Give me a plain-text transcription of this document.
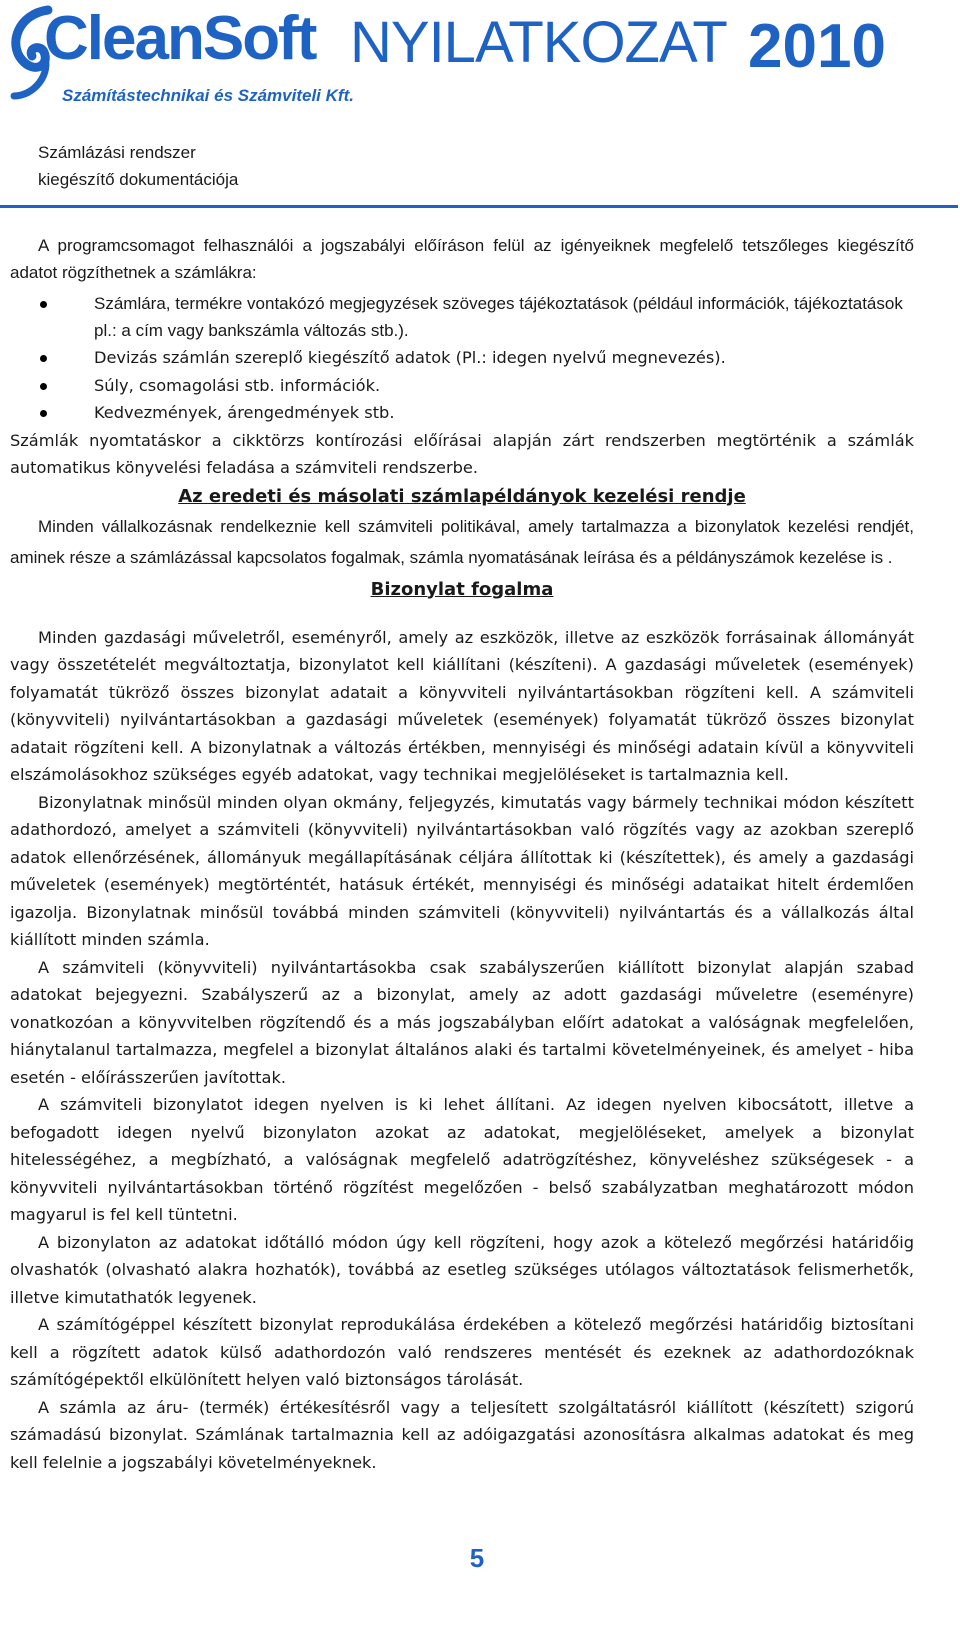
CleanSoft
Számítástechnikai és Számviteli Kft.
NYILATKOZAT 2010
Számlázási rendszer
kiegészítő dokumentációja

A programcsomagot felhasználói a jogszabályi előíráson felül az igényeiknek megfelelő tetszőleges kiegészítő adatot rögzíthetnek a számlákra:

Számlára, termékre vontakózó megjegyzések szöveges tájékoztatások (például információk, tájékoztatások pl.: a cím vagy bankszámla változás stb.).
Devizás számlán szereplő kiegészítő adatok (Pl.: idegen nyelvű megnevezés).
Súly, csomagolási stb. információk.
Kedvezmények, árengedmények stb.

Számlák nyomtatáskor a cikktörzs kontírozási előírásai alapján zárt rendszerben megtörténik a számlák automatikus könyvelési feladása a számviteli rendszerbe.

Az eredeti és másolati számlapéldányok kezelési rendje

Minden vállalkozásnak rendelkeznie kell számviteli politikával, amely tartalmazza a bizonylatok kezelési rendjét, aminek része a számlázással kapcsolatos fogalmak, számla nyomatásának leírása és a példányszámok kezelése is .

Bizonylat fogalma

Minden gazdasági műveletről, eseményről, amely az eszközök, illetve az eszközök forrásainak állományát vagy összetételét megváltoztatja, bizonylatot kell kiállítani (készíteni). A gazdasági műveletek (események) folyamatát tükröző összes bizonylat adatait a könyvviteli nyilvántartásokban rögzíteni kell. A számviteli (könyvviteli) nyilvántartásokban a gazdasági műveletek (események) folyamatát tükröző összes bizonylat adatait rögzíteni kell. A bizonylatnak a változás értékben, mennyiségi és minőségi adatain kívül a könyvviteli elszámolásokhoz szükséges egyéb adatokat, vagy technikai megjelöléseket is tartalmaznia kell.

Bizonylatnak minősül minden olyan okmány, feljegyzés, kimutatás vagy bármely technikai módon készített adathordozó, amelyet a számviteli (könyvviteli) nyilvántartásokban való rögzítés vagy az azokban szereplő adatok ellenőrzésének, állományuk megállapításának céljára állítottak ki (készítettek), és amely a gazdasági műveletek (események) megtörténtét, hatásuk értékét, mennyiségi és minőségi adataikat hitelt érdemlően igazolja. Bizonylatnak minősül továbbá minden számviteli (könyvviteli) nyilvántartás és a vállalkozás által kiállított minden számla.

A számviteli (könyvviteli) nyilvántartásokba csak szabályszerűen kiállított bizonylat alapján szabad adatokat bejegyezni. Szabályszerű az a bizonylat, amely az adott gazdasági műveletre (eseményre) vonatkozóan a könyvvitelben rögzítendő és a más jogszabályban előírt adatokat a valóságnak megfelelően, hiánytalanul tartalmazza, megfelel a bizonylat általános alaki és tartalmi követelményeinek, és amelyet - hiba esetén - előírásszerűen javítottak.

A számviteli bizonylatot idegen nyelven is ki lehet állítani. Az idegen nyelven kibocsátott, illetve a befogadott idegen nyelvű bizonylaton azokat az adatokat, megjelöléseket, amelyek a bizonylat hitelességéhez, a megbízható, a valóságnak megfelelő adatrögzítéshez, könyveléshez szükségesek - a könyvviteli nyilvántartásokban történő rögzítést megelőzően - belső szabályzatban meghatározott módon magyarul is fel kell tüntetni.

A bizonylaton az adatokat időtálló módon úgy kell rögzíteni, hogy azok a kötelező megőrzési határidőig olvashatók (olvasható alakra hozhatók), továbbá az esetleg szükséges utólagos változtatások felismerhetők, illetve kimutathatók legyenek.

A számítógéppel készített bizonylat reprodukálása érdekében a kötelező megőrzési határidőig biztosítani kell a rögzített adatok külső adathordozón való rendszeres mentését és ezeknek az adathordozóknak számítógépektől elkülönített helyen való biztonságos tárolását.

A számla az áru- (termék) értékesítésről vagy a teljesített szolgáltatásról kiállított (készített) szigorú számadású bizonylat. Számlának tartalmaznia kell az adóigazgatási azonosításra alkalmas adatokat és meg kell felelnie a jogszabályi követelményeknek.

5
